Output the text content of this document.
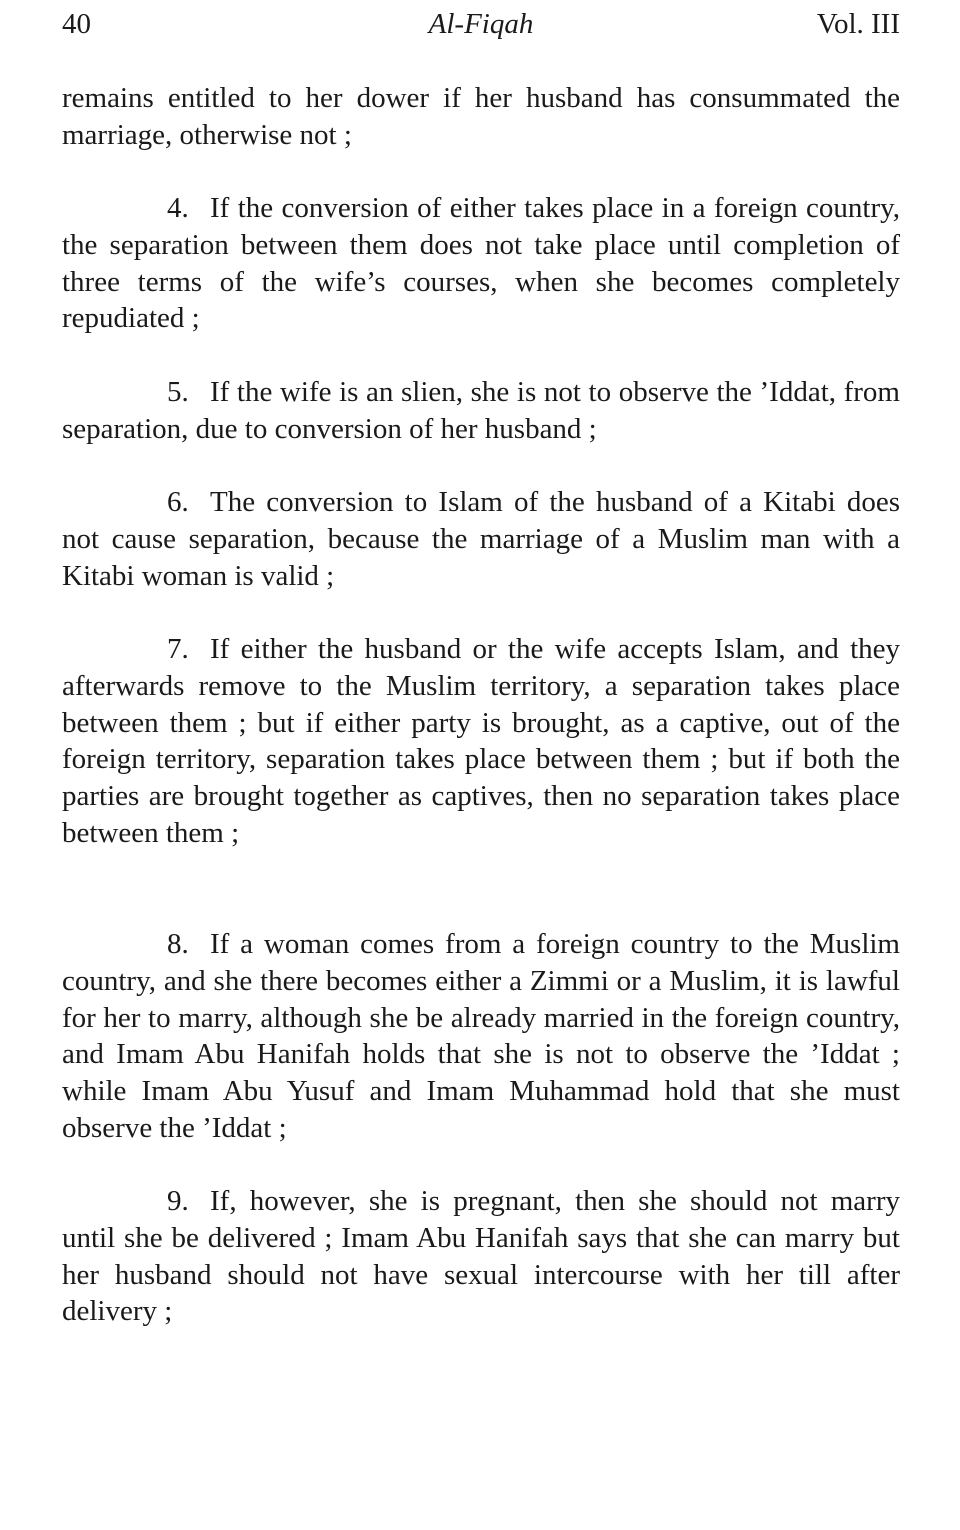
40	Al-Fiqah	Vol. III

remains entitled to her dower if her husband has consummated the marriage, otherwise not ;

4. If the conversion of either takes place in a foreign country, the separation between them does not take place until completion of three terms of the wife’s courses, when she becomes completely repudiated ;

5. If the wife is an slien, she is not to observe the ’Iddat, from separation, due to conversion of her husband ;

6. The conversion to Islam of the husband of a Kitabi does not cause separation, because the marriage of a Muslim man with a Kitabi woman is valid ;

7. If either the husband or the wife accepts Islam, and they afterwards remove to the Muslim territory, a separation takes place between them ; but if either party is brought, as a captive, out of the foreign territory, separation takes place between them ; but if both the parties are brought together as captives, then no separation takes place between them ;

8. If a woman comes from a foreign country to the Muslim country, and she there becomes either a Zimmi or a Muslim, it is lawful for her to marry, although she be already married in the foreign country, and Imam Abu Hanifah holds that she is not to observe the ’Iddat ; while Imam Abu Yusuf and Imam Muhammad hold that she must observe the ’Iddat ;

9. If, however, she is pregnant, then she should not marry until she be delivered ; Imam Abu Hanifah says that she can marry but her husband should not have sexual intercourse with her till after delivery ;
